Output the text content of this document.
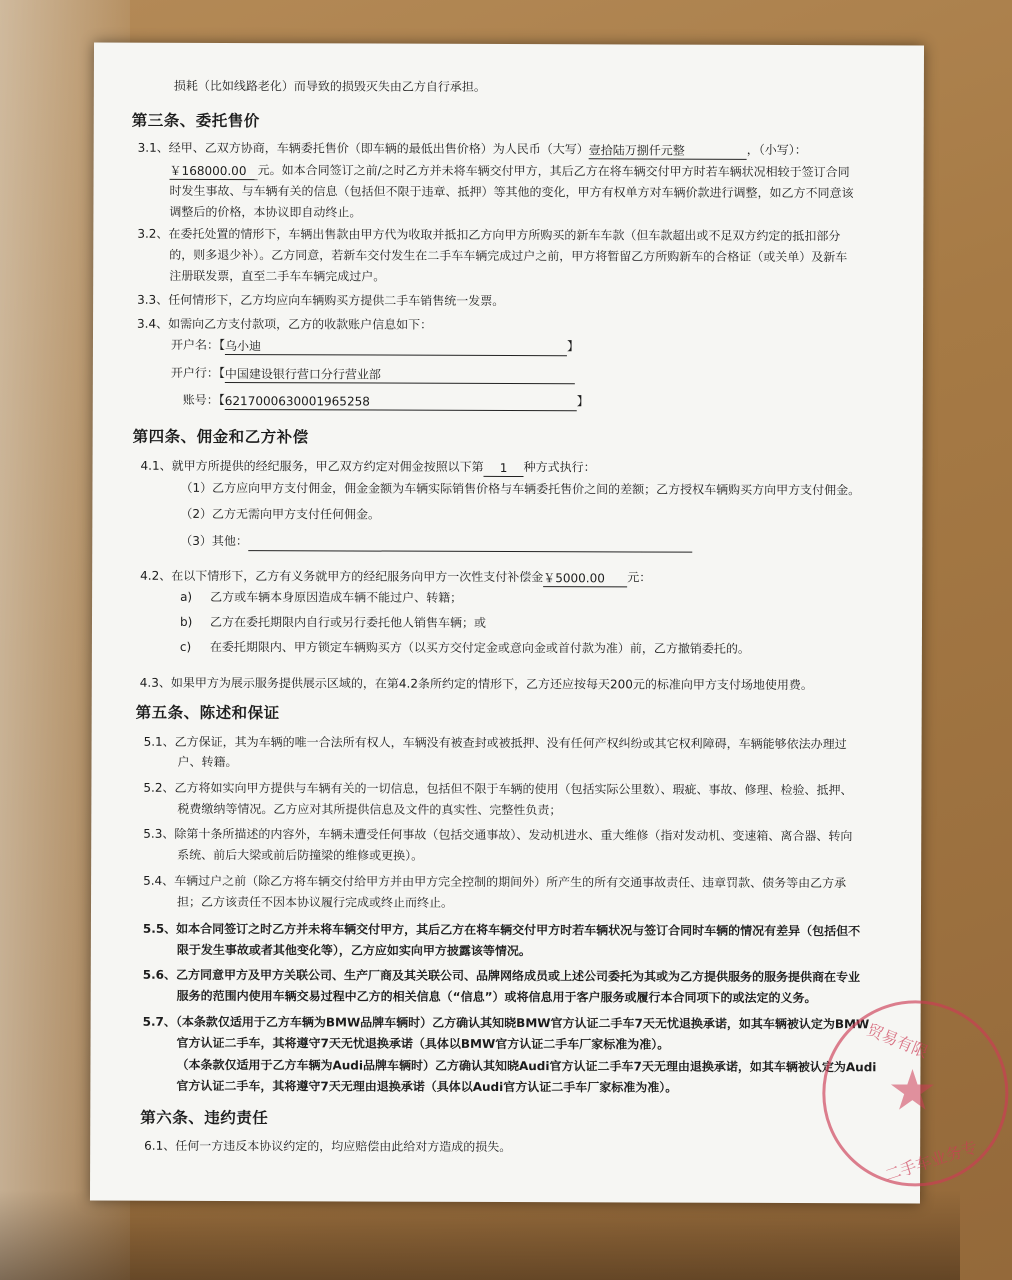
损耗（比如线路老化）而导致的损毁灭失由乙方自行承担。
第三条、委托售价
3.1、经甲、乙双方协商，车辆委托售价（即车辆的最低出售价格）为人民币（大写）壹拾陆万捌仟元整	，（小写）：
￥168000.00 元。如本合同签订之前/之时乙方并未将车辆交付甲方，其后乙方在将车辆交付甲方时若车辆状况相较于签订合同
时发生事故、与车辆有关的信息（包括但不限于违章、抵押）等其他的变化，甲方有权单方对车辆价款进行调整，如乙方不同意该
调整后的价格，本协议即自动终止。
3.2、在委托处置的情形下，车辆出售款由甲方代为收取并抵扣乙方向甲方所购买的新车车款（但车款超出或不足双方约定的抵扣部分
的，则多退少补）。乙方同意，若新车交付发生在二手车车辆完成过户之前，甲方将暂留乙方所购新车的合格证（或关单）及新车
注册联发票，直至二手车车辆完成过户。
3.3、任何情形下，乙方均应向车辆购买方提供二手车销售统一发票。
3.4、如需向乙方支付款项，乙方的收款账户信息如下：
开户名：【乌小迪	】
开户行：【中国建设银行营口分行营业部
账号：【6217000630001965258	】
第四条、佣金和乙方补偿
4.1、就甲方所提供的经纪服务，甲乙双方约定对佣金按照以下第 1 种方式执行：
（1）乙方应向甲方支付佣金，佣金金额为车辆实际销售价格与车辆委托售价之间的差额；乙方授权车辆购买方向甲方支付佣金。
（2）乙方无需向甲方支付任何佣金。
（3）其他：
4.2、在以下情形下，乙方有义务就甲方的经纪服务向甲方一次性支付补偿金￥5000.00 元：
a) 乙方或车辆本身原因造成车辆不能过户、转籍；
b) 乙方在委托期限内自行或另行委托他人销售车辆；或
c) 在委托期限内、甲方锁定车辆购买方（以买方交付定金或意向金或首付款为准）前，乙方撤销委托的。
4.3、如果甲方为展示服务提供展示区域的，在第4.2条所约定的情形下，乙方还应按每天200元的标准向甲方支付场地使用费。
第五条、陈述和保证
5.1、乙方保证，其为车辆的唯一合法所有权人，车辆没有被查封或被抵押、没有任何产权纠纷或其它权利障碍，车辆能够依法办理过
户、转籍。
5.2、乙方将如实向甲方提供与车辆有关的一切信息，包括但不限于车辆的使用（包括实际公里数）、瑕疵、事故、修理、检验、抵押、
税费缴纳等情况。乙方应对其所提供信息及文件的真实性、完整性负责；
5.3、除第十条所描述的内容外，车辆未遭受任何事故（包括交通事故）、发动机进水、重大维修（指对发动机、变速箱、离合器、转向
系统、前后大梁或前后防撞梁的维修或更换）。
5.4、车辆过户之前（除乙方将车辆交付给甲方并由甲方完全控制的期间外）所产生的所有交通事故责任、违章罚款、债务等由乙方承
担；乙方该责任不因本协议履行完成或终止而终止。
5.5、如本合同签订之时乙方并未将车辆交付甲方，其后乙方在将车辆交付甲方时若车辆状况与签订合同时车辆的情况有差异（包括但不
限于发生事故或者其他变化等），乙方应如实向甲方披露该等情况。
5.6、乙方同意甲方及甲方关联公司、生产厂商及其关联公司、品牌网络成员或上述公司委托为其或为乙方提供服务的服务提供商在专业
服务的范围内使用车辆交易过程中乙方的相关信息（“信息”）或将信息用于客户服务或履行本合同项下的或法定的义务。
5.7、（本条款仅适用于乙方车辆为BMW品牌车辆时）乙方确认其知晓BMW官方认证二手车7天无忧退换承诺，如其车辆被认定为BMW
官方认证二手车，其将遵守7天无忧退换承诺（具体以BMW官方认证二手车厂家标准为准）。
（本条款仅适用于乙方车辆为Audi品牌车辆时）乙方确认其知晓Audi官方认证二手车7天无理由退换承诺，如其车辆被认定为Audi
官方认证二手车，其将遵守7天无理由退换承诺（具体以Audi官方认证二手车厂家标准为准）。
第六条、违约责任
6.1、任何一方违反本协议约定的，均应赔偿由此给对方造成的损失。
贸易有限
★
二手车业务专
